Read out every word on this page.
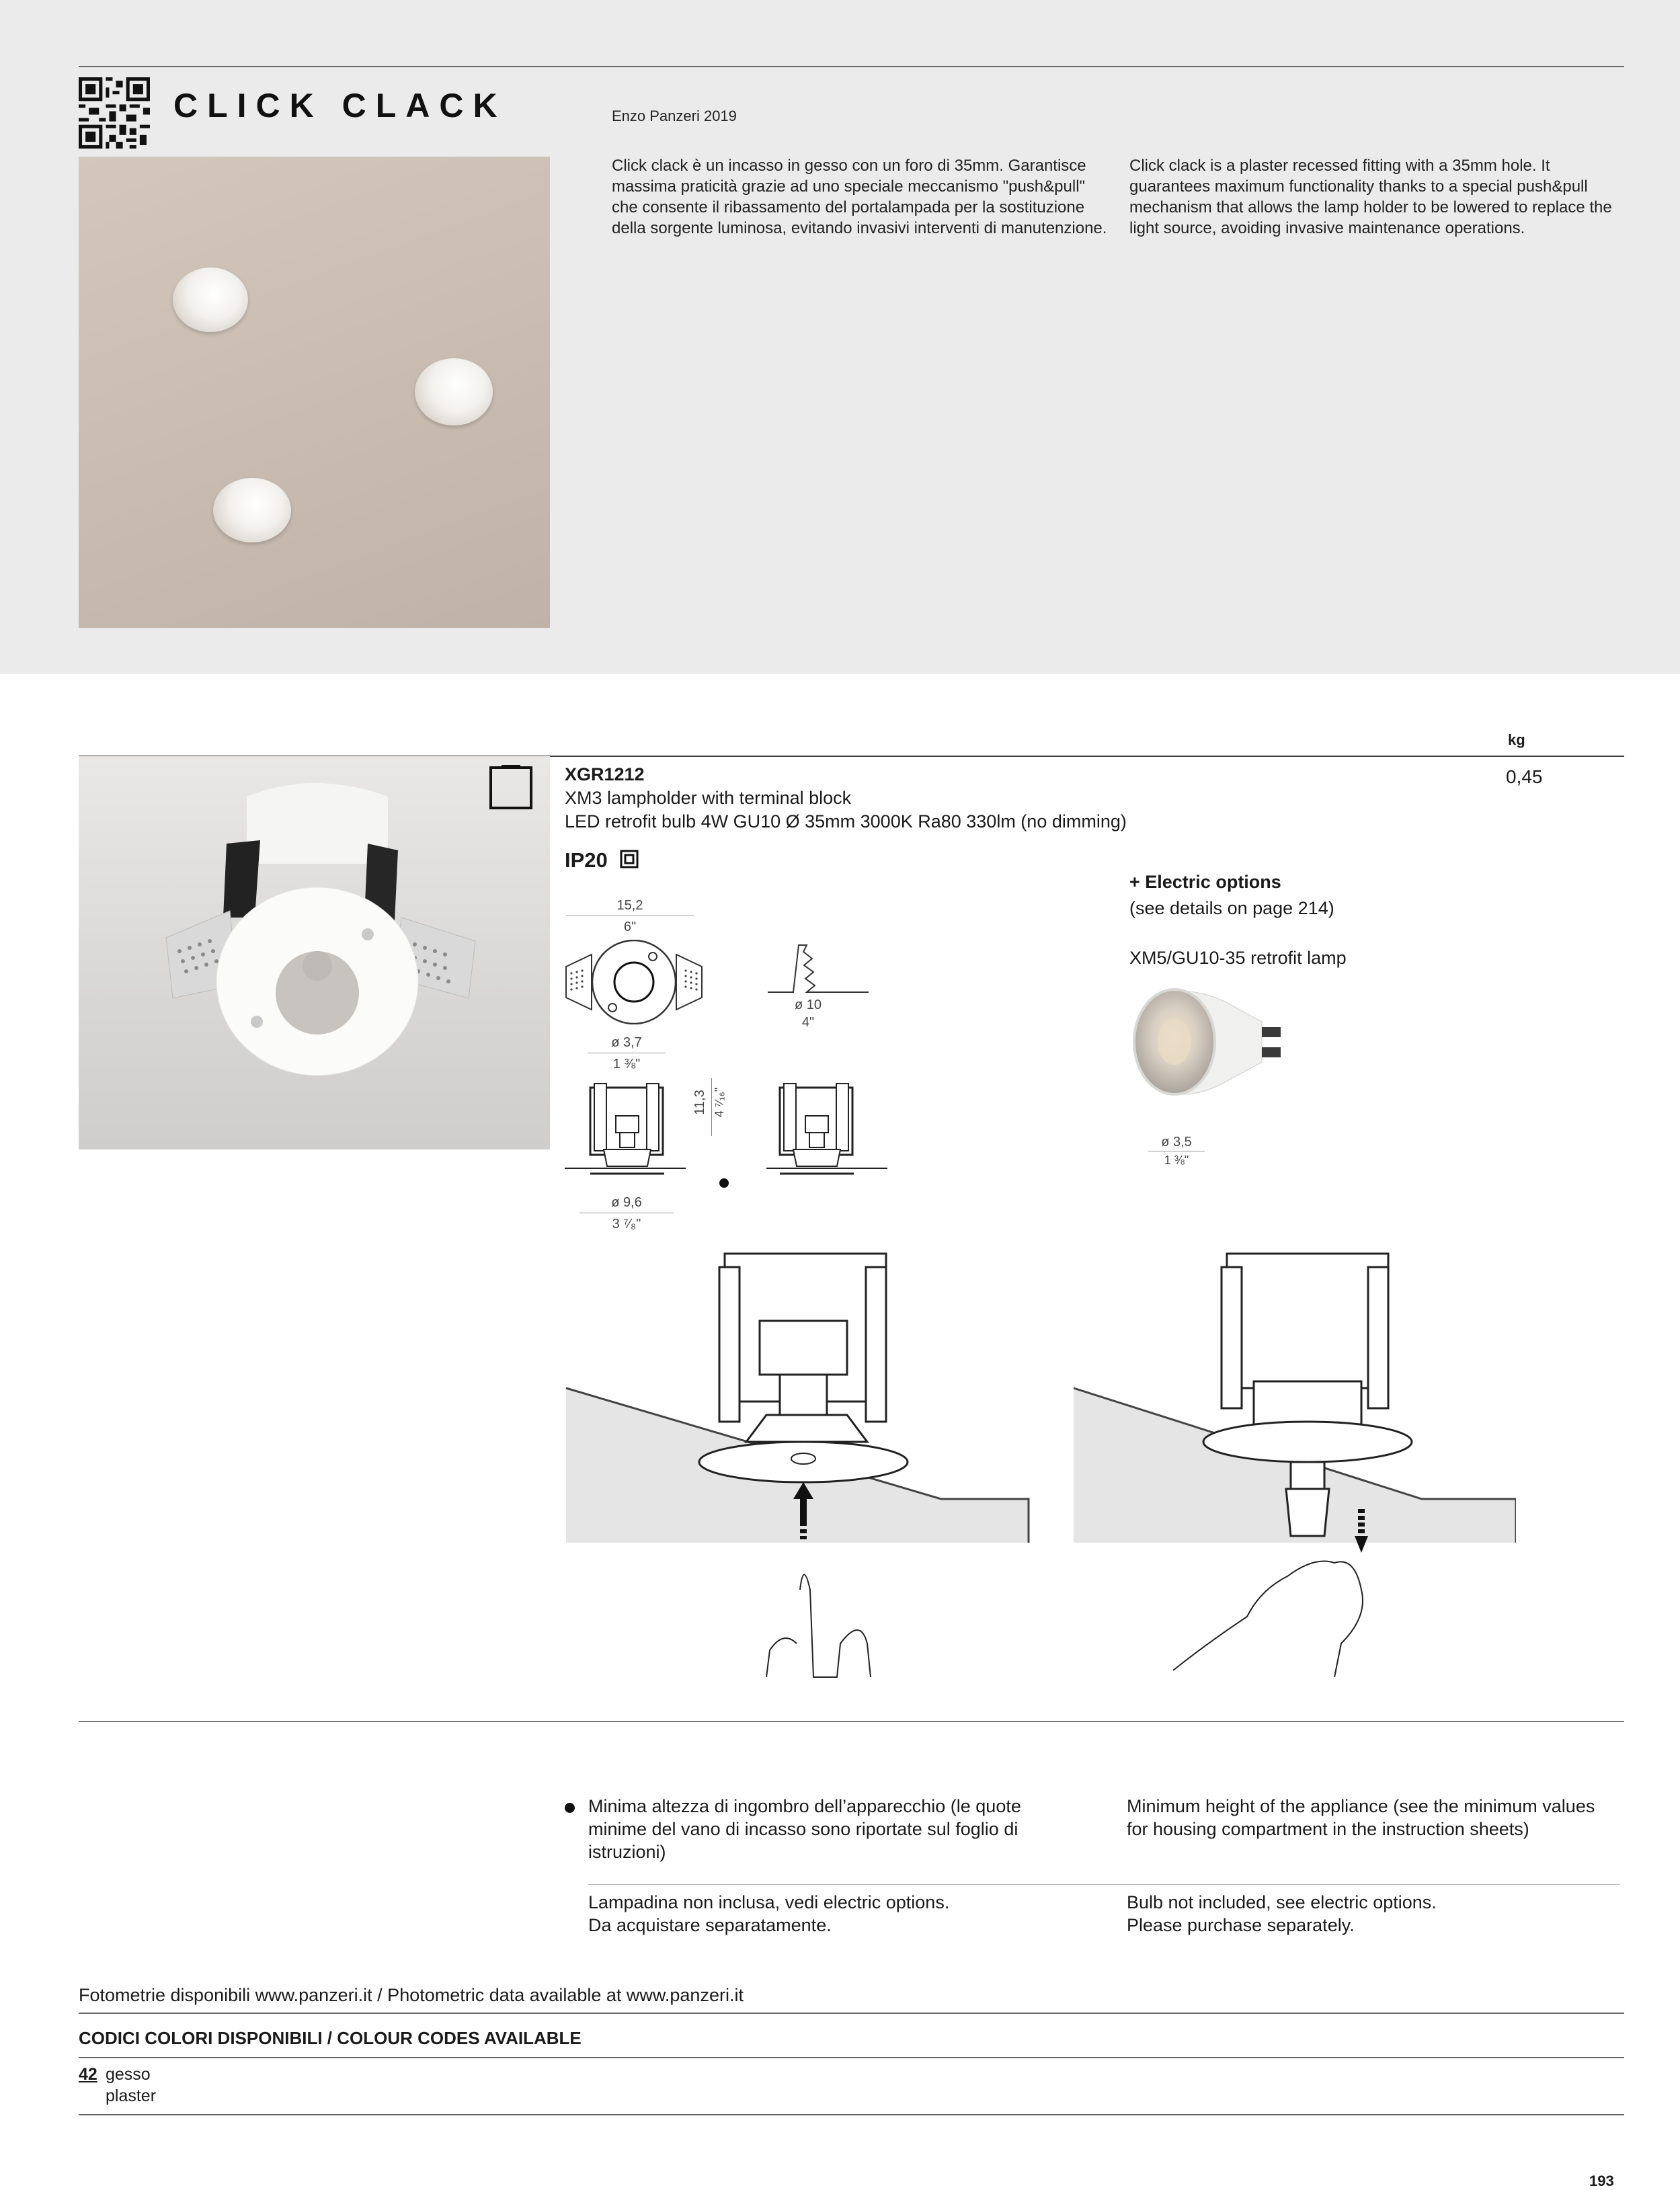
CLICK CLACK	Enzo Panzeri 2019
Click clack è un incasso in gesso con un foro di 35mm. Garantisce massima praticità grazie ad uno speciale meccanismo "push&pull" che consente il ribassamento del portalampada per la sostituzione della sorgente luminosa, evitando invasivi interventi di manutenzione.
Click clack is a plaster recessed fitting with a 35mm hole. It guarantees maximum functionality thanks to a special push&pull mechanism that allows the lamp holder to be lowered to replace the light source, avoiding invasive maintenance operations.
kg
XGR1212
XM3 lampholder with terminal block
LED retrofit bulb 4W GU10 Ø 35mm 3000K Ra80 330lm (no dimming)
0,45
IP20
+ Electric options
(see details on page 214)
XM5/GU10-35 retrofit lamp
ø 3,5
1 ⅜"
15,2
6"
ø 3,7
1 ⅜"
ø 10
4"
11,3 4 ⁷⁄₁₆"
ø 9,6
3 ⁷⁄₈"
Minima altezza di ingombro dell’apparecchio (le quote minime del vano di incasso sono riportate sul foglio di istruzioni)
Minimum height of the appliance (see the minimum values for housing compartment in the instruction sheets)
Lampadina non inclusa, vedi electric options.
Da acquistare separatamente.
Bulb not included, see electric options.
Please purchase separately.
Fotometrie disponibili www.panzeri.it / Photometric data available at www.panzeri.it
CODICI COLORI DISPONIBILI / COLOUR CODES AVAILABLE
42 gesso
plaster
193
